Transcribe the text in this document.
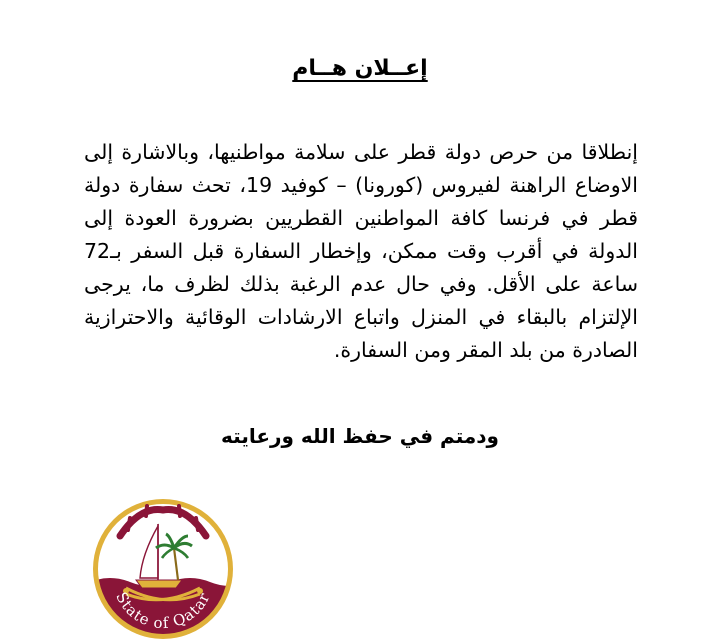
إعــلان هــام

إنطلاقا من حرص دولة قطر على سلامة مواطنيها، وبالاشارة إلى الاوضاع الراهنة لفيروس (كورونا) – كوفيد 19، تحث سفارة دولة قطر في فرنسا كافة المواطنين القطريين بضرورة العودة إلى الدولة في أقرب وقت ممكن، وإخطار السفارة قبل السفر بـ72 ساعة على الأقل. وفي حال عدم الرغبة بذلك لظرف ما، يرجى الإلتزام بالبقاء في المنزل واتباع الارشادات الوقائية والاحترازية الصادرة من بلد المقر ومن السفارة.

ودمتم في حفظ الله ورعايته
State of Qatar
